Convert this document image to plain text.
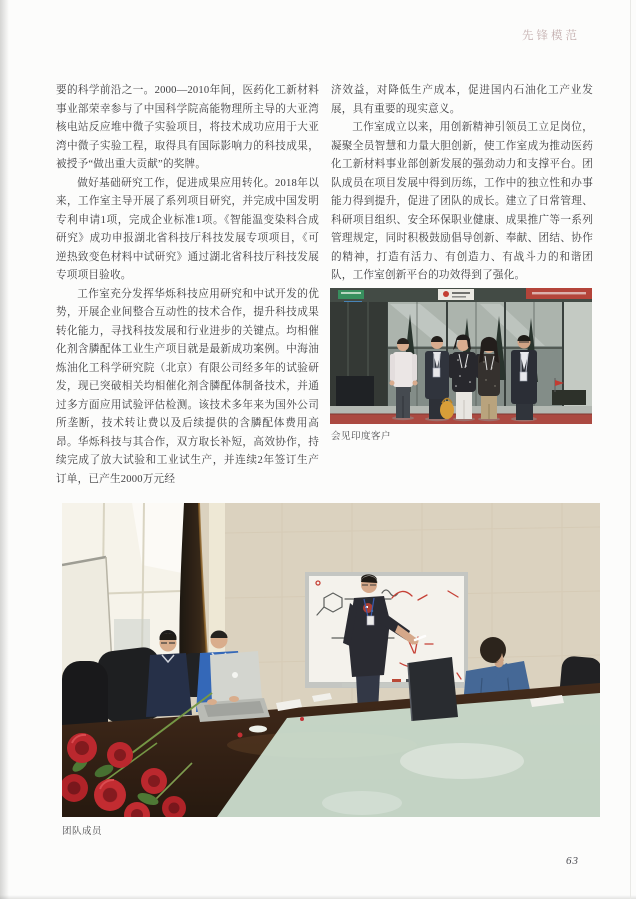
先锋模范

要的科学前沿之一。2000—2010年间，医药化工新材料事业部荣幸参与了中国科学院高能物理所主导的大亚湾核电站反应堆中微子实验项目，将技术成功应用于大亚湾中微子实验工程，取得具有国际影响力的科技成果，被授予“做出重大贡献”的奖牌。

做好基础研究工作，促进成果应用转化。2018年以来，工作室主导开展了系列项目研究，并完成中国发明专利申请1项，完成企业标准1项。《智能温变染料合成研究》成功申报湖北省科技厅科技发展专项项目，《可逆热致变色材料中试研究》通过湖北省科技厅科技发展专项项目验收。

工作室充分发挥华烁科技应用研究和中试开发的优势，开展企业间整合互动性的技术合作，提升科技成果转化能力，寻找科技发展和行业进步的关键点。均相催化剂含膦配体工业生产项目就是最新成功案例。中海油炼油化工科学研究院（北京）有限公司经多年的试验研发，现已突破相关均相催化剂含膦配体制备技术，并通过多方面应用试验评估检测。该技术多年来为国外公司所垄断，技术转让费以及后续提供的含膦配体费用高昂。华烁科技与其合作，双方取长补短，高效协作，持续完成了放大试验和工业试生产，并连续2年签订生产订单，已产生2000万元经

济效益，对降低生产成本，促进国内石油化工产业发展，具有重要的现实意义。

工作室成立以来，用创新精神引领员工立足岗位，凝聚全员智慧和力量大胆创新，使工作室成为推动医药化工新材料事业部创新发展的强劲动力和支撑平台。团队成员在项目发展中得到历练，工作中的独立性和办事能力得到提升，促进了团队的成长。建立了日常管理、科研项目组织、安全环保职业健康、成果推广等一系列管理规定，同时积极鼓励倡导创新、奉献、团结、协作的精神，打造有活力、有创造力、有战斗力的和谐团队，工作室创新平台的功效得到了强化。

会见印度客户
团队成员
63
